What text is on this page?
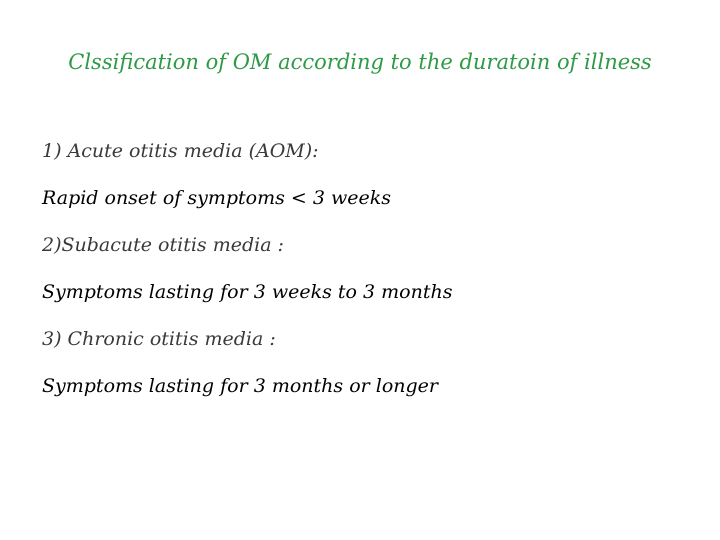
Clssification of OM according to the duratoin of illness
1) Acute otitis media (AOM):
Rapid onset of symptoms < 3 weeks
2)Subacute otitis media :
Symptoms lasting for 3 weeks to 3 months
3) Chronic otitis media :
Symptoms lasting for 3 months or longer
